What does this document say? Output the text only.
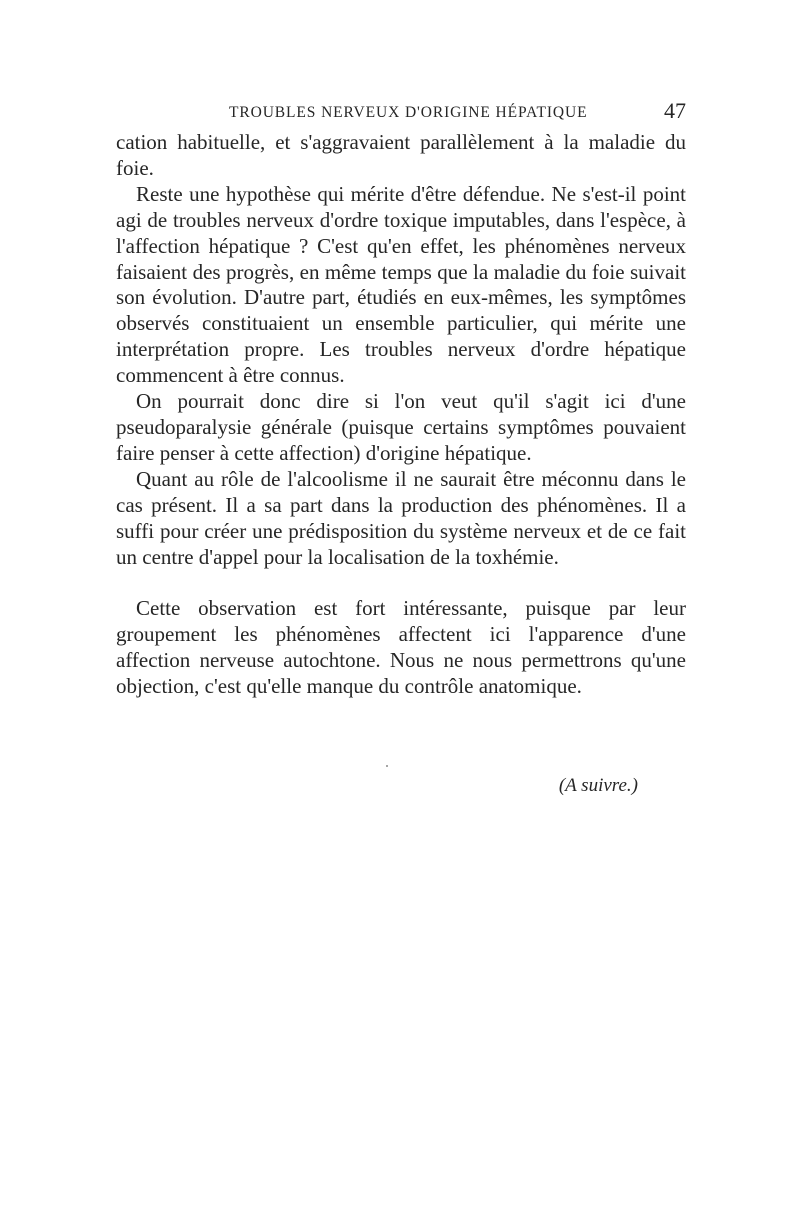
TROUBLES NERVEUX D'ORIGINE HÉPATIQUE	47

cation habituelle, et s'aggravaient parallèlement à la maladie du foie.

Reste une hypothèse qui mérite d'être défendue. Ne s'est-il point agi de troubles nerveux d'ordre toxique imputables, dans l'espèce, à l'affection hépatique ? C'est qu'en effet, les phénomènes nerveux faisaient des progrès, en même temps que la maladie du foie suivait son évolution. D'autre part, étudiés en eux-mêmes, les symptômes observés constituaient un ensemble particulier, qui mérite une interprétation propre. Les troubles nerveux d'ordre hépatique commencent à être connus.

On pourrait donc dire si l'on veut qu'il s'agit ici d'une pseudoparalysie générale (puisque certains symptômes pouvaient faire penser à cette affection) d'origine hépatique.

Quant au rôle de l'alcoolisme il ne saurait être méconnu dans le cas présent. Il a sa part dans la production des phénomènes. Il a suffi pour créer une prédisposition du système nerveux et de ce fait un centre d'appel pour la localisation de la toxhémie.

Cette observation est fort intéressante, puisque par leur groupement les phénomènes affectent ici l'apparence d'une affection nerveuse autochtone. Nous ne nous permettrons qu'une objection, c'est qu'elle manque du contrôle anatomique.

(A suivre.)
